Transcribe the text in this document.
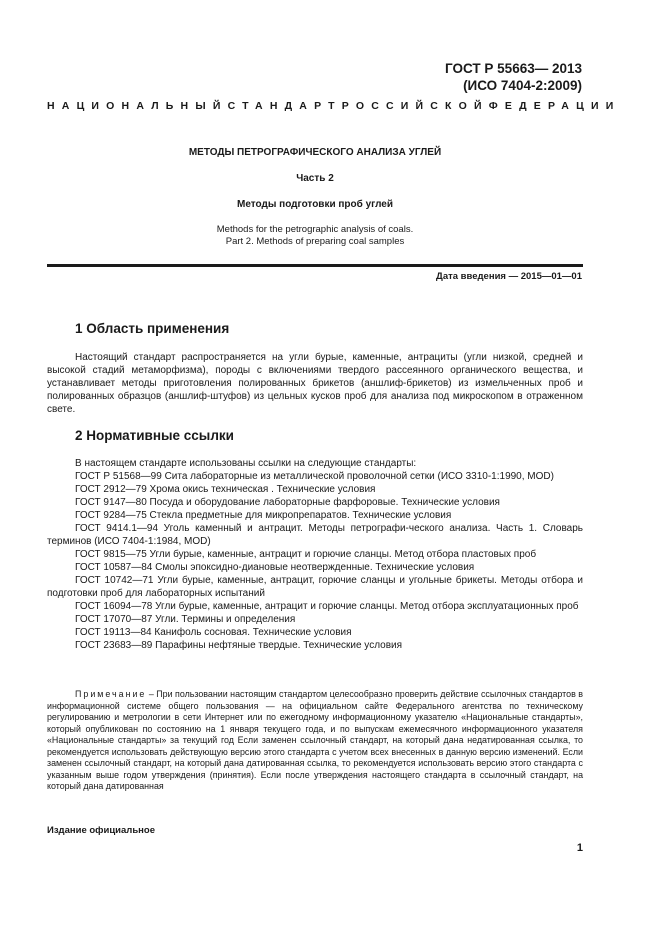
ГОСТ Р 55663— 2013
(ИСО 7404-2:2009)
НАЦИОНАЛЬНЫЙ СТАНДАРТ РОССИЙСКОЙ ФЕДЕРАЦИИ
МЕТОДЫ ПЕТРОГРАФИЧЕСКОГО АНАЛИЗА УГЛЕЙ
Часть 2
Методы подготовки проб углей
Methods for the petrographic analysis of coals.
Part 2. Methods of preparing coal samples
Дата введения — 2015—01—01
1 Область применения
Настоящий стандарт распространяется на угли бурые, каменные, антрациты (угли низкой, средней и высокой стадий метаморфизма), породы с включениями твердого рассеянного органического вещества, и устанавливает методы приготовления полированных брикетов (аншлиф-брикетов) из измельченных проб и полированных образцов (аншлиф-штуфов) из цельных кусков проб для анализа под микроскопом в отраженном свете.
2 Нормативные ссылки
В настоящем стандарте использованы ссылки на следующие стандарты:
ГОСТ Р 51568—99 Сита лабораторные из металлической проволочной сетки (ИСО 3310-1:1990, MOD)
ГОСТ 2912—79 Хрома окись техническая . Технические условия
ГОСТ 9147—80 Посуда и оборудование лабораторные фарфоровые. Технические условия
ГОСТ 9284—75 Стекла предметные для микропрепаратов. Технические условия
ГОСТ 9414.1—94 Уголь каменный и антрацит. Методы петрографи-ческого анализа. Часть 1. Словарь терминов (ИСО 7404-1:1984, MOD)
ГОСТ 9815—75 Угли бурые, каменные, антрацит и горючие сланцы. Метод отбора пластовых проб
ГОСТ 10587—84 Смолы эпоксидно-диановые неотвержденные. Технические условия
ГОСТ 10742—71 Угли бурые, каменные, антрацит, горючие сланцы и угольные брикеты. Методы отбора и подготовки проб для лабораторных испытаний
ГОСТ 16094—78 Угли бурые, каменные, антрацит и горючие сланцы. Метод отбора эксплуатационных проб
ГОСТ 17070—87 Угли. Термины и определения
ГОСТ 19113—84 Канифоль сосновая. Технические условия
ГОСТ 23683—89 Парафины нефтяные твердые. Технические условия
Примечание – При пользовании настоящим стандартом целесообразно проверить действие ссылочных стандартов в информационной системе общего пользования — на официальном сайте Федерального агентства по техническому регулированию и метрологии в сети Интернет или по ежегодному информационному указателю «Национальные стандарты», который опубликован по состоянию на 1 января текущего года, и по выпускам ежемесячного информационного указателя «Национальные стандарты» за текущий год Если заменен ссылочный стандарт, на который дана недатированная ссылка, то рекомендуется использовать действующую версию этого стандарта с учетом всех внесенных в данную версию изменений. Если заменен ссылочный стандарт, на который дана датированная ссылка, то рекомендуется использовать версию этого стандарта с указанным выше годом утверждения (принятия). Если после утверждения настоящего стандарта в ссылочный стандарт, на который дана датированная
Издание официальное
1
